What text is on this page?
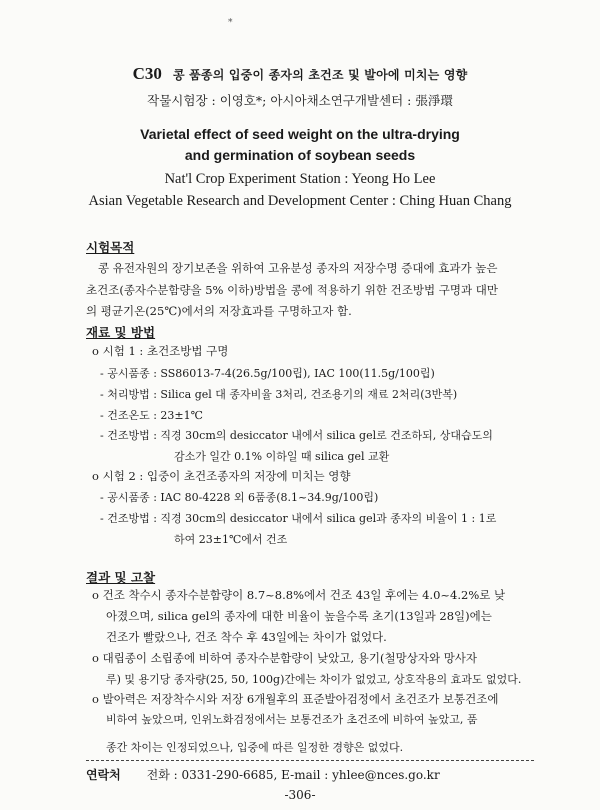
*
C30 콩 품종의 입중이 종자의 초건조 및 발아에 미치는 영향
작물시험장 : 이영호*; 아시아채소연구개발센터 : 張淨環
Varietal effect of seed weight on the ultra-drying
and germination of soybean seeds
Nat'l Crop Experiment Station : Yeong Ho Lee
Asian Vegetable Research and Development Center : Ching Huan Chang
시험목적
콩 유전자원의 장기보존을 위하여 고유분성 종자의 저장수명 증대에 효과가 높은
초건조(종자수분함량을 5% 이하)방법을 콩에 적용하기 위한 건조방법 구명과 대만
의 평균기온(25℃)에서의 저장효과를 구명하고자 함.
재료 및 방법
o 시험 1 : 초건조방법 구명
- 공시품종 : SS86013-7-4(26.5g/100립), IAC 100(11.5g/100립)
- 처리방법 : Silica gel 대 종자비율 3처리, 건조용기의 재료 2처리(3반복)
- 건조온도 : 23±1℃
- 건조방법 : 직경 30cm의 desiccator 내에서 silica gel로 건조하되, 상대습도의
감소가 일간 0.1% 이하일 때 silica gel 교환
o 시험 2 : 입중이 초건조종자의 저장에 미치는 영향
- 공시품종 : IAC 80-4228 외 6품종(8.1~34.9g/100립)
- 건조방법 : 직경 30cm의 desiccator 내에서 silica gel과 종자의 비율이 1 : 1로
하여 23±1℃에서 건조
결과 및 고찰
o 건조 착수시 종자수분함량이 8.7~8.8%에서 건조 43일 후에는 4.0~4.2%로 낮
아졌으며, silica gel의 종자에 대한 비율이 높을수록 초기(13일과 28일)에는
건조가 빨랐으나, 건조 착수 후 43일에는 차이가 없었다.
o 대립종이 소립종에 비하여 종자수분함량이 낮았고, 용기(철망상자와 망사자
루) 및 용기당 종자량(25, 50, 100g)간에는 차이가 없었고, 상호작용의 효과도 없었다.
o 발아력은 저장착수시와 저장 6개월후의 표준발아검정에서 초건조가 보통건조에
비하여 높았으며, 인위노화검정에서는 보통건조가 초건조에 비하여 높았고, 품
종간 차이는 인정되었으나, 입중에 따른 일정한 경향은 없었다.
연락처 전화 : 0331-290-6685, E-mail : yhlee@nces.go.kr
-306-
